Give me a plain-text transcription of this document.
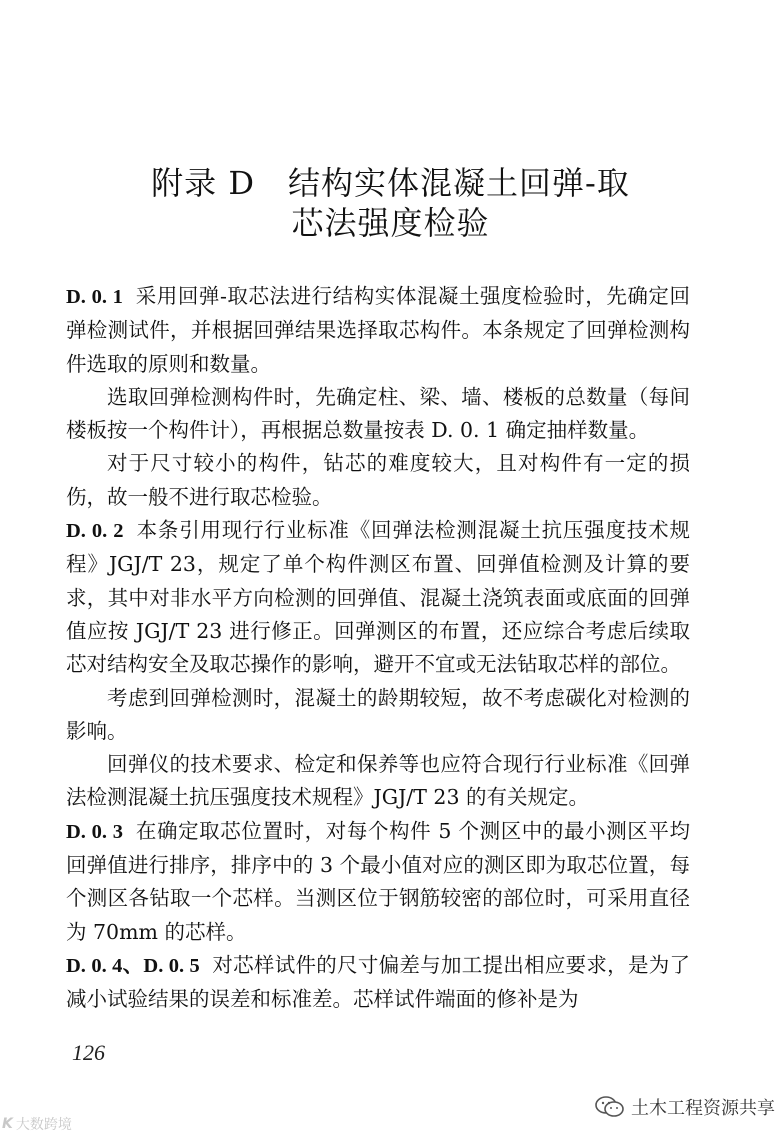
附录 D　结构实体混凝土回弹-取
芯法强度检验

D. 0. 1 采用回弹-取芯法进行结构实体混凝土强度检验时，先确定回弹检测试件，并根据回弹结果选择取芯构件。本条规定了回弹检测构件选取的原则和数量。

选取回弹检测构件时，先确定柱、梁、墙、楼板的总数量（每间楼板按一个构件计），再根据总数量按表 D. 0. 1 确定抽样数量。

对于尺寸较小的构件，钻芯的难度较大，且对构件有一定的损伤，故一般不进行取芯检验。

D. 0. 2 本条引用现行行业标准《回弹法检测混凝土抗压强度技术规程》JGJ/T 23，规定了单个构件测区布置、回弹值检测及计算的要求，其中对非水平方向检测的回弹值、混凝土浇筑表面或底面的回弹值应按 JGJ/T 23 进行修正。回弹测区的布置，还应综合考虑后续取芯对结构安全及取芯操作的影响，避开不宜或无法钻取芯样的部位。

考虑到回弹检测时，混凝土的龄期较短，故不考虑碳化对检测的影响。

回弹仪的技术要求、检定和保养等也应符合现行行业标准《回弹法检测混凝土抗压强度技术规程》JGJ/T 23 的有关规定。

D. 0. 3 在确定取芯位置时，对每个构件 5 个测区中的最小测区平均回弹值进行排序，排序中的 3 个最小值对应的测区即为取芯位置，每个测区各钻取一个芯样。当测区位于钢筋较密的部位时，可采用直径为 70mm 的芯样。

D. 0. 4、D. 0. 5 对芯样试件的尺寸偏差与加工提出相应要求，是为了减小试验结果的误差和标准差。芯样试件端面的修补是为

126
K 大数跨境
土木工程资源共享
